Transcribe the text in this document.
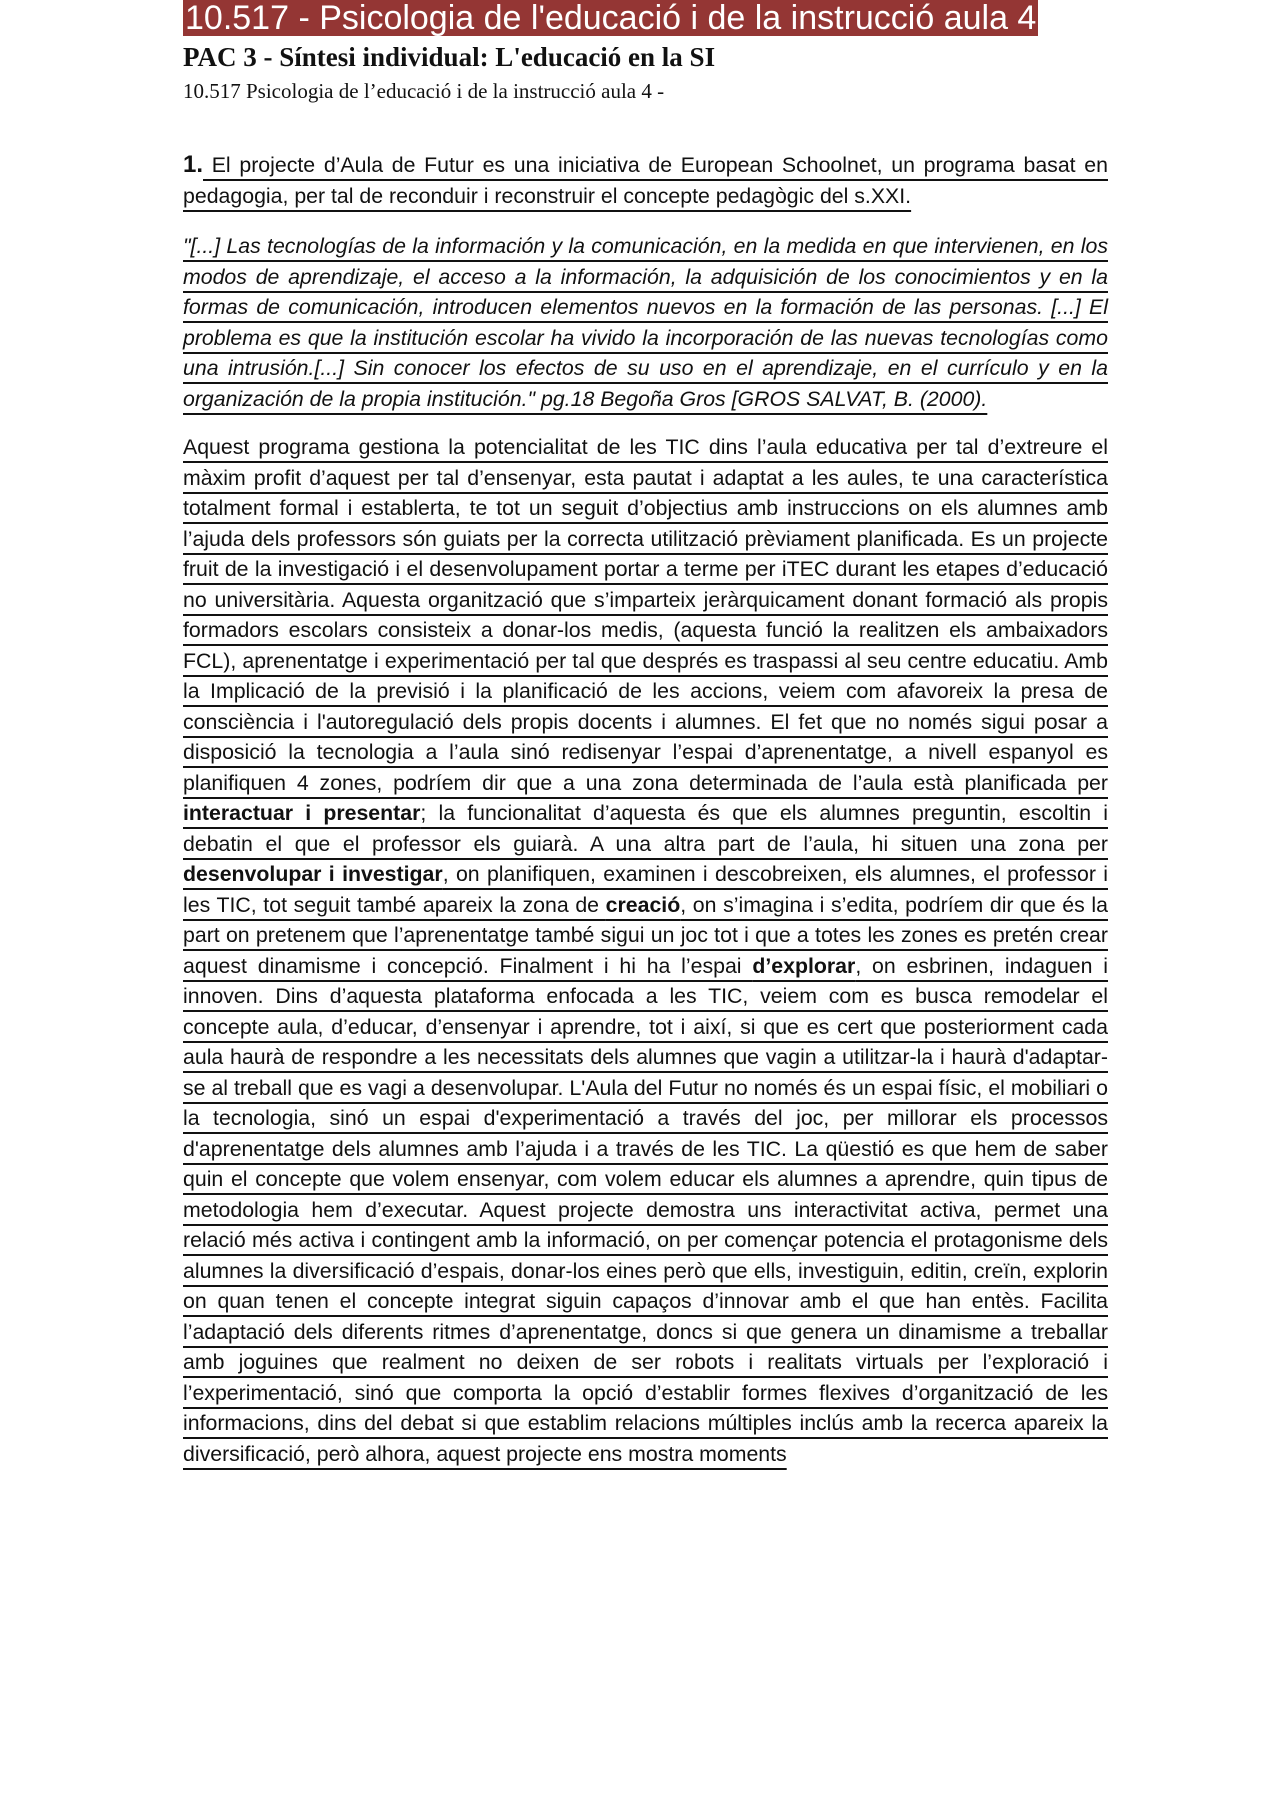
10.517 - Psicologia de l'educació i de la instrucció aula 4
PAC 3 - Síntesi individual: L'educació en la SI
10.517 Psicologia de l’educació i de la instrucció aula 4 -

1. El projecte d’Aula de Futur es una iniciativa de European Schoolnet, un programa basat en pedagogia, per tal de reconduir i reconstruir el concepte pedagògic del s.XXI.

"[...] Las tecnologías de la información y la comunicación, en la medida en que intervienen, en los modos de aprendizaje, el acceso a la información, la adquisición de los conocimientos y en la formas de comunicación, introducen elementos nuevos en la formación de las personas. [...] El problema es que la institución escolar ha vivido la incorporación de las nuevas tecnologías como una intrusión.[...] Sin conocer los efectos de su uso en el aprendizaje, en el currículo y en la organización de la propia institución." pg.18 Begoña Gros [GROS SALVAT, B. (2000).

Aquest programa gestiona la potencialitat de les TIC dins l’aula educativa per tal d’extreure el màxim profit d’aquest per tal d’ensenyar, esta pautat i adaptat a les aules, te una característica totalment formal i establerta, te tot un seguit d’objectius amb instruccions on els alumnes amb l’ajuda dels professors són guiats per la correcta utilització prèviament planificada. Es un projecte fruit de la investigació i el desenvolupament portar a terme per iTEC durant les etapes d’educació no universitària. Aquesta organització que s’imparteix jeràrquicament donant formació als propis formadors escolars consisteix a donar-los medis, (aquesta funció la realitzen els ambaixadors FCL), aprenentatge i experimentació per tal que després es traspassi al seu centre educatiu. Amb la Implicació de la previsió i la planificació de les accions, veiem com afavoreix la presa de consciència i l'autoregulació dels propis docents i alumnes. El fet que no només sigui posar a disposició la tecnologia a l’aula sinó redisenyar l’espai d’aprenentatge, a nivell espanyol es planifiquen 4 zones, podríem dir que a una zona determinada de l’aula està planificada per interactuar i presentar; la funcionalitat d’aquesta és que els alumnes preguntin, escoltin i debatin el que el professor els guiarà. A una altra part de l’aula, hi situen una zona per desenvolupar i investigar, on planifiquen, examinen i descobreixen, els alumnes, el professor i les TIC, tot seguit també apareix la zona de creació, on s’imagina i s’edita, podríem dir que és la part on pretenem que l’aprenentatge també sigui un joc tot i que a totes les zones es pretén crear aquest dinamisme i concepció. Finalment i hi ha l’espai d’explorar, on esbrinen, indaguen i innoven. Dins d’aquesta plataforma enfocada a les TIC, veiem com es busca remodelar el concepte aula, d’educar, d’ensenyar i aprendre, tot i així, si que es cert que posteriorment cada aula haurà de respondre a les necessitats dels alumnes que vagin a utilitzar-la i haurà d'adaptar-se al treball que es vagi a desenvolupar. L'Aula del Futur no només és un espai físic, el mobiliari o la tecnologia, sinó un espai d'experimentació a través del joc, per millorar els processos d'aprenentatge dels alumnes amb l’ajuda i a través de les TIC. La qüestió es que hem de saber quin el concepte que volem ensenyar, com volem educar els alumnes a aprendre, quin tipus de metodologia hem d’executar. Aquest projecte demostra uns interactivitat activa, permet una relació més activa i contingent amb la informació, on per començar potencia el protagonisme dels alumnes la diversificació d’espais, donar-los eines però que ells, investiguin, editin, creïn, explorin on quan tenen el concepte integrat siguin capaços d’innovar amb el que han entès. Facilita l’adaptació dels diferents ritmes d’aprenentatge, doncs si que genera un dinamisme a treballar amb joguines que realment no deixen de ser robots i realitats virtuals per l’exploració i l’experimentació, sinó que comporta la opció d’establir formes flexives d’organització de les informacions, dins del debat si que establim relacions múltiples inclús amb la recerca apareix la diversificació, però alhora, aquest projecte ens mostra moments
